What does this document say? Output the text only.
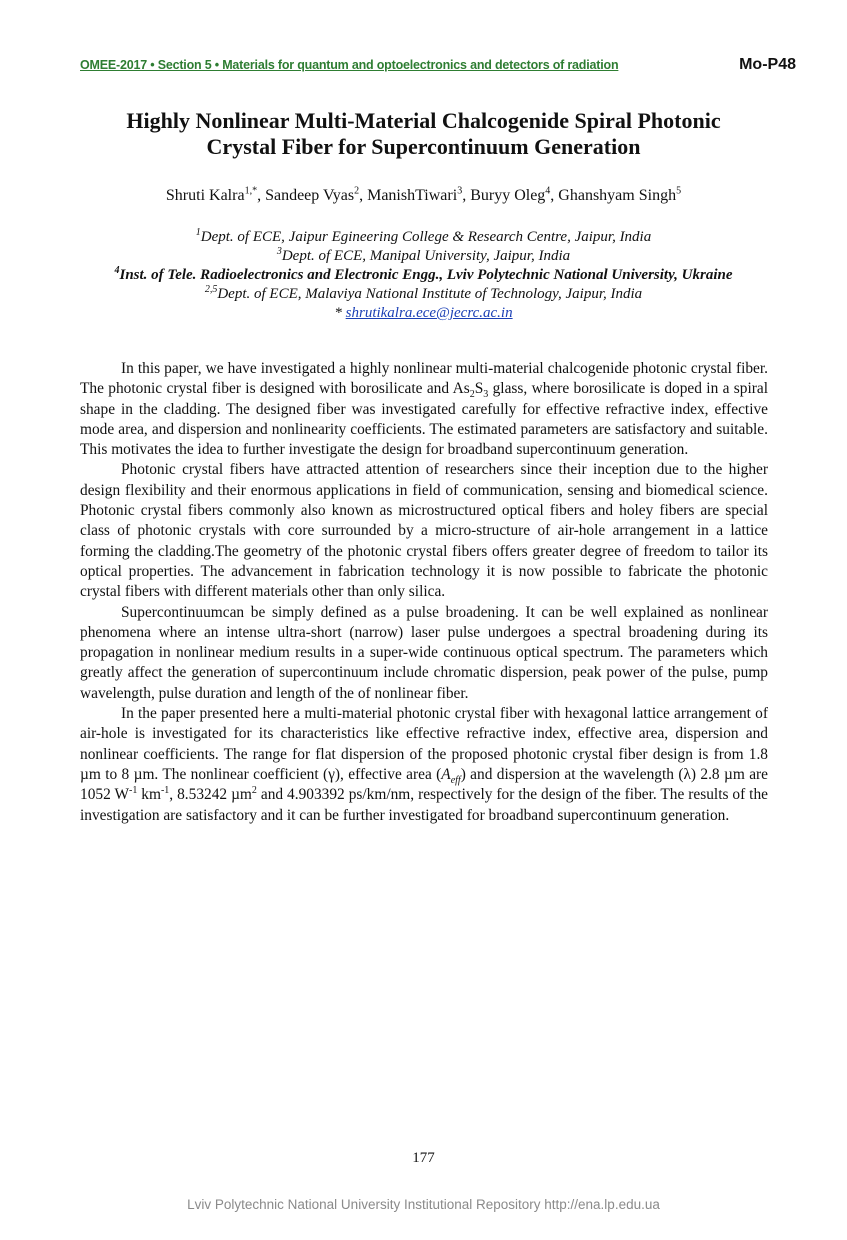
OMEE-2017 • Section 5 • Materials for quantum and optoelectronics and detectors of radiation	Mo-P48
Highly Nonlinear Multi-Material Chalcogenide Spiral Photonic
Crystal Fiber for Supercontinuum Generation
Shruti Kalra$^{1,*}$, Sandeep Vyas$^2$, ManishTiwari$^3$, Buryy Oleg$^4$, Ghanshyam Singh$^5$
$^1$Dept. of ECE, Jaipur Egineering College & Research Centre, Jaipur, India
$^3$Dept. of ECE, Manipal University, Jaipur, India
$^4$Inst. of Tele. Radioelectronics and Electronic Engg., Lviv Polytechnic National University, Ukraine
$^{2,5}$Dept. of ECE, Malaviya National Institute of Technology, Jaipur, India
* shrutikalra.ece@jecrc.ac.in

In this paper, we have investigated a highly nonlinear multi-material chalcogenide photonic crystal fiber. The photonic crystal fiber is designed with borosilicate and $As_2S_3$ glass, where borosilicate is doped in a spiral shape in the cladding. The designed fiber was investigated carefully for effective refractive index, effective mode area, and dispersion and nonlinearity coefficients. The estimated parameters are satisfactory and suitable. This motivates the idea to further investigate the design for broadband supercontinuum generation.

Photonic crystal fibers have attracted attention of researchers since their inception due to the higher design flexibility and their enormous applications in field of communication, sensing and biomedical science. Photonic crystal fibers commonly also known as microstructured optical fibers and holey fibers are special class of photonic crystals with core surrounded by a micro-structure of air-hole arrangement in a lattice forming the cladding.The geometry of the photonic crystal fibers offers greater degree of freedom to tailor its optical properties. The advancement in fabrication technology it is now possible to fabricate the photonic crystal fibers with different materials other than only silica.

Supercontinuumcan be simply defined as a pulse broadening. It can be well explained as nonlinear phenomena where an intense ultra-short (narrow) laser pulse undergoes a spectral broadening during its propagation in nonlinear medium results in a super-wide continuous optical spectrum. The parameters which greatly affect the generation of supercontinuum include chromatic dispersion, peak power of the pulse, pump wavelength, pulse duration and length of the of nonlinear fiber.

In the paper presented here a multi-material photonic crystal fiber with hexagonal lattice arrangement of air-hole is investigated for its characteristics like effective refractive index, effective area, dispersion and nonlinear coefficients. The range for flat dispersion of the proposed photonic crystal fiber design is from 1.8 µm to 8 µm. The nonlinear coefficient (γ), effective area $(A_{eff})$ and dispersion at the wavelength (λ) 2.8 µm are 1052 $W^{-1}$ $km^{-1}$, 8.53242 µm$^2$ and 4.903392 ps/km/nm, respectively for the design of the fiber. The results of the investigation are satisfactory and it can be further investigated for broadband supercontinuum generation.

177
Lviv Polytechnic National University Institutional Repository http://ena.lp.edu.ua
